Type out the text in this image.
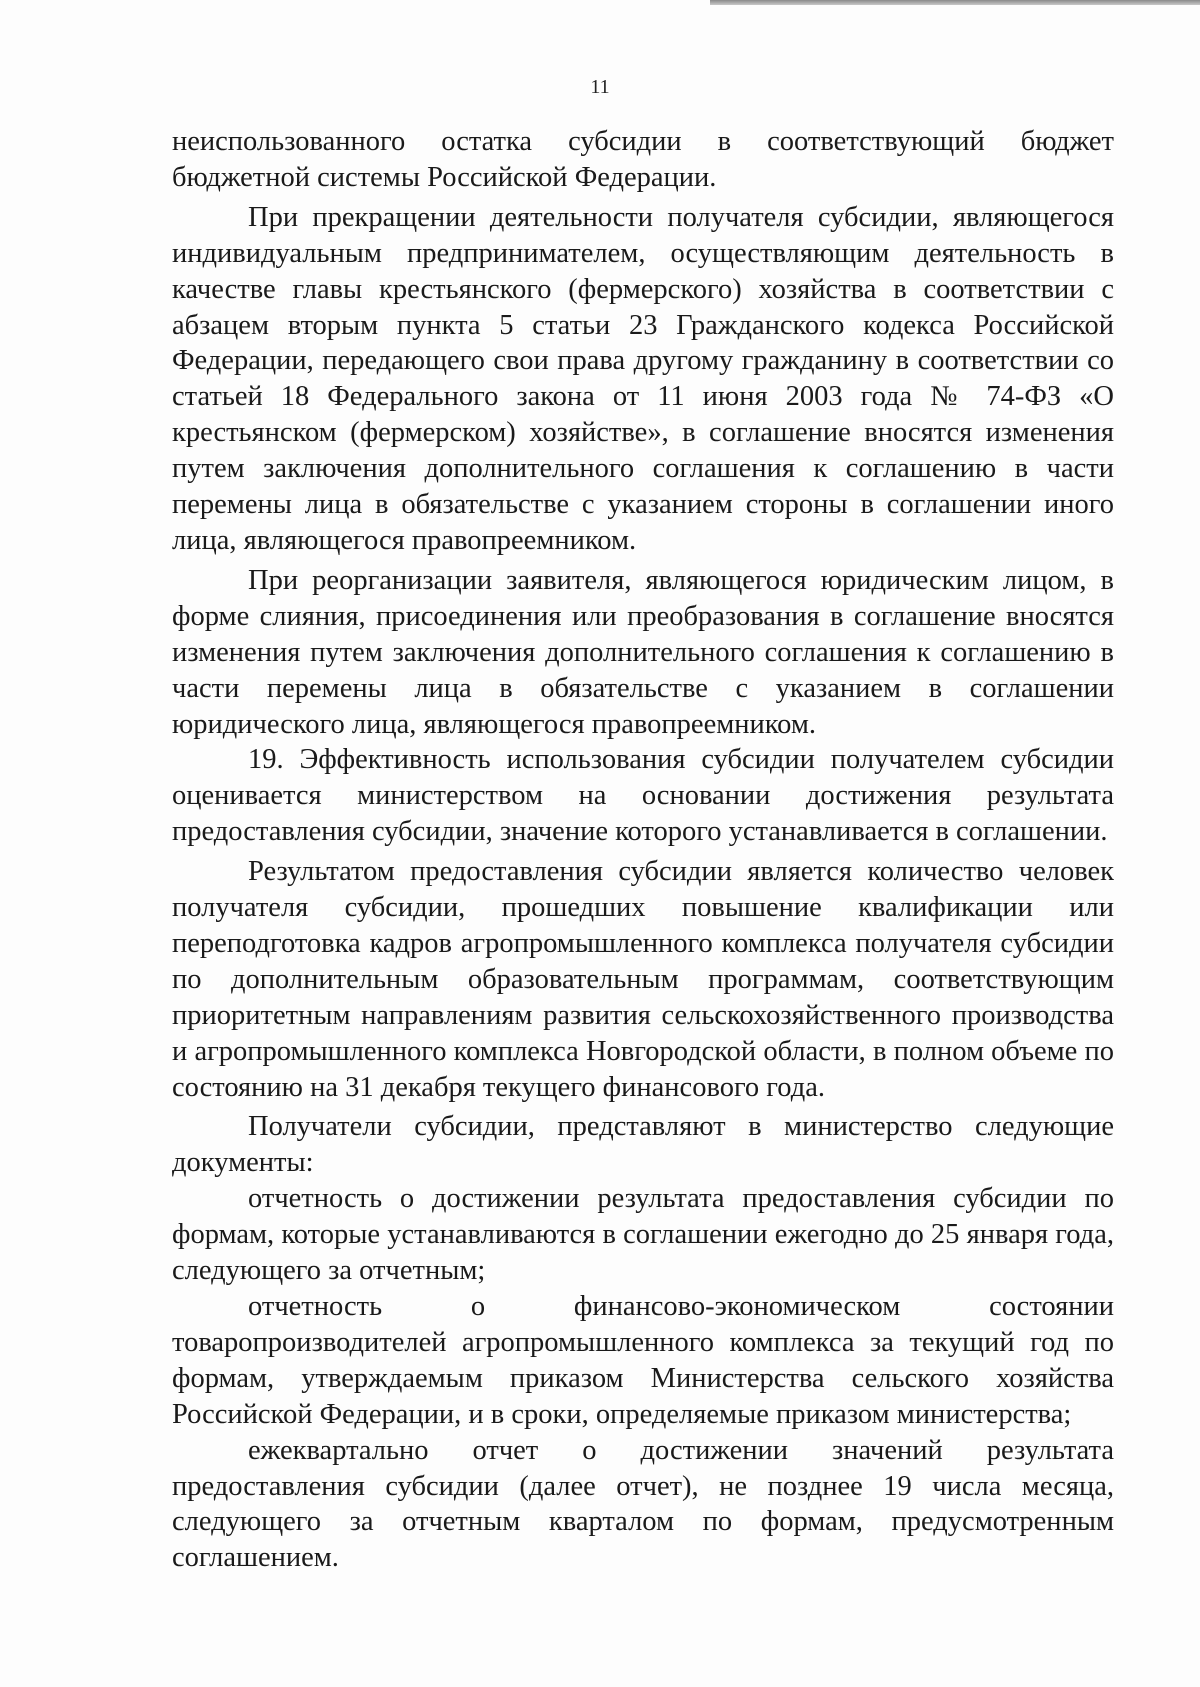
11

неиспользованного остатка субсидии в соответствующий бюджет бюджетной системы Российской Федерации.

При прекращении деятельности получателя субсидии, являющегося индивидуальным предпринимателем, осуществляющим деятельность в качестве главы крестьянского (фермерского) хозяйства в соответствии с абзацем вторым пункта 5 статьи 23 Гражданского кодекса Российской Федерации, передающего свои права другому гражданину в соответствии со статьей 18 Федерального закона от 11 июня 2003 года № 74-ФЗ «О крестьянском (фермерском) хозяйстве», в соглашение вносятся изменения путем заключения дополнительного соглашения к соглашению в части перемены лица в обязательстве с указанием стороны в соглашении иного лица, являющегося правопреемником.

При реорганизации заявителя, являющегося юридическим лицом, в форме слияния, присоединения или преобразования в соглашение вносятся изменения путем заключения дополнительного соглашения к соглашению в части перемены лица в обязательстве с указанием в соглашении юридического лица, являющегося правопреемником.

19. Эффективность использования субсидии получателем субсидии оценивается министерством на основании достижения результата предоставления субсидии, значение которого устанавливается в соглашении.

Результатом предоставления субсидии является количество человек получателя субсидии, прошедших повышение квалификации или переподготовка кадров агропромышленного комплекса получателя субсидии по дополнительным образовательным программам, соответствующим приоритетным направлениям развития сельскохозяйственного производства и агропромышленного комплекса Новгородской области, в полном объеме по состоянию на 31 декабря текущего финансового года.

Получатели субсидии, представляют в министерство следующие документы:

отчетность о достижении результата предоставления субсидии по формам, которые устанавливаются в соглашении ежегодно до 25 января года, следующего за отчетным;

отчетность о финансово-экономическом состоянии товаропроизводителей агропромышленного комплекса за текущий год по формам, утверждаемым приказом Министерства сельского хозяйства Российской Федерации, и в сроки, определяемые приказом министерства;

ежеквартально отчет о достижении значений результата предоставления субсидии (далее отчет), не позднее 19 числа месяца, следующего за отчетным кварталом по формам, предусмотренным соглашением.
